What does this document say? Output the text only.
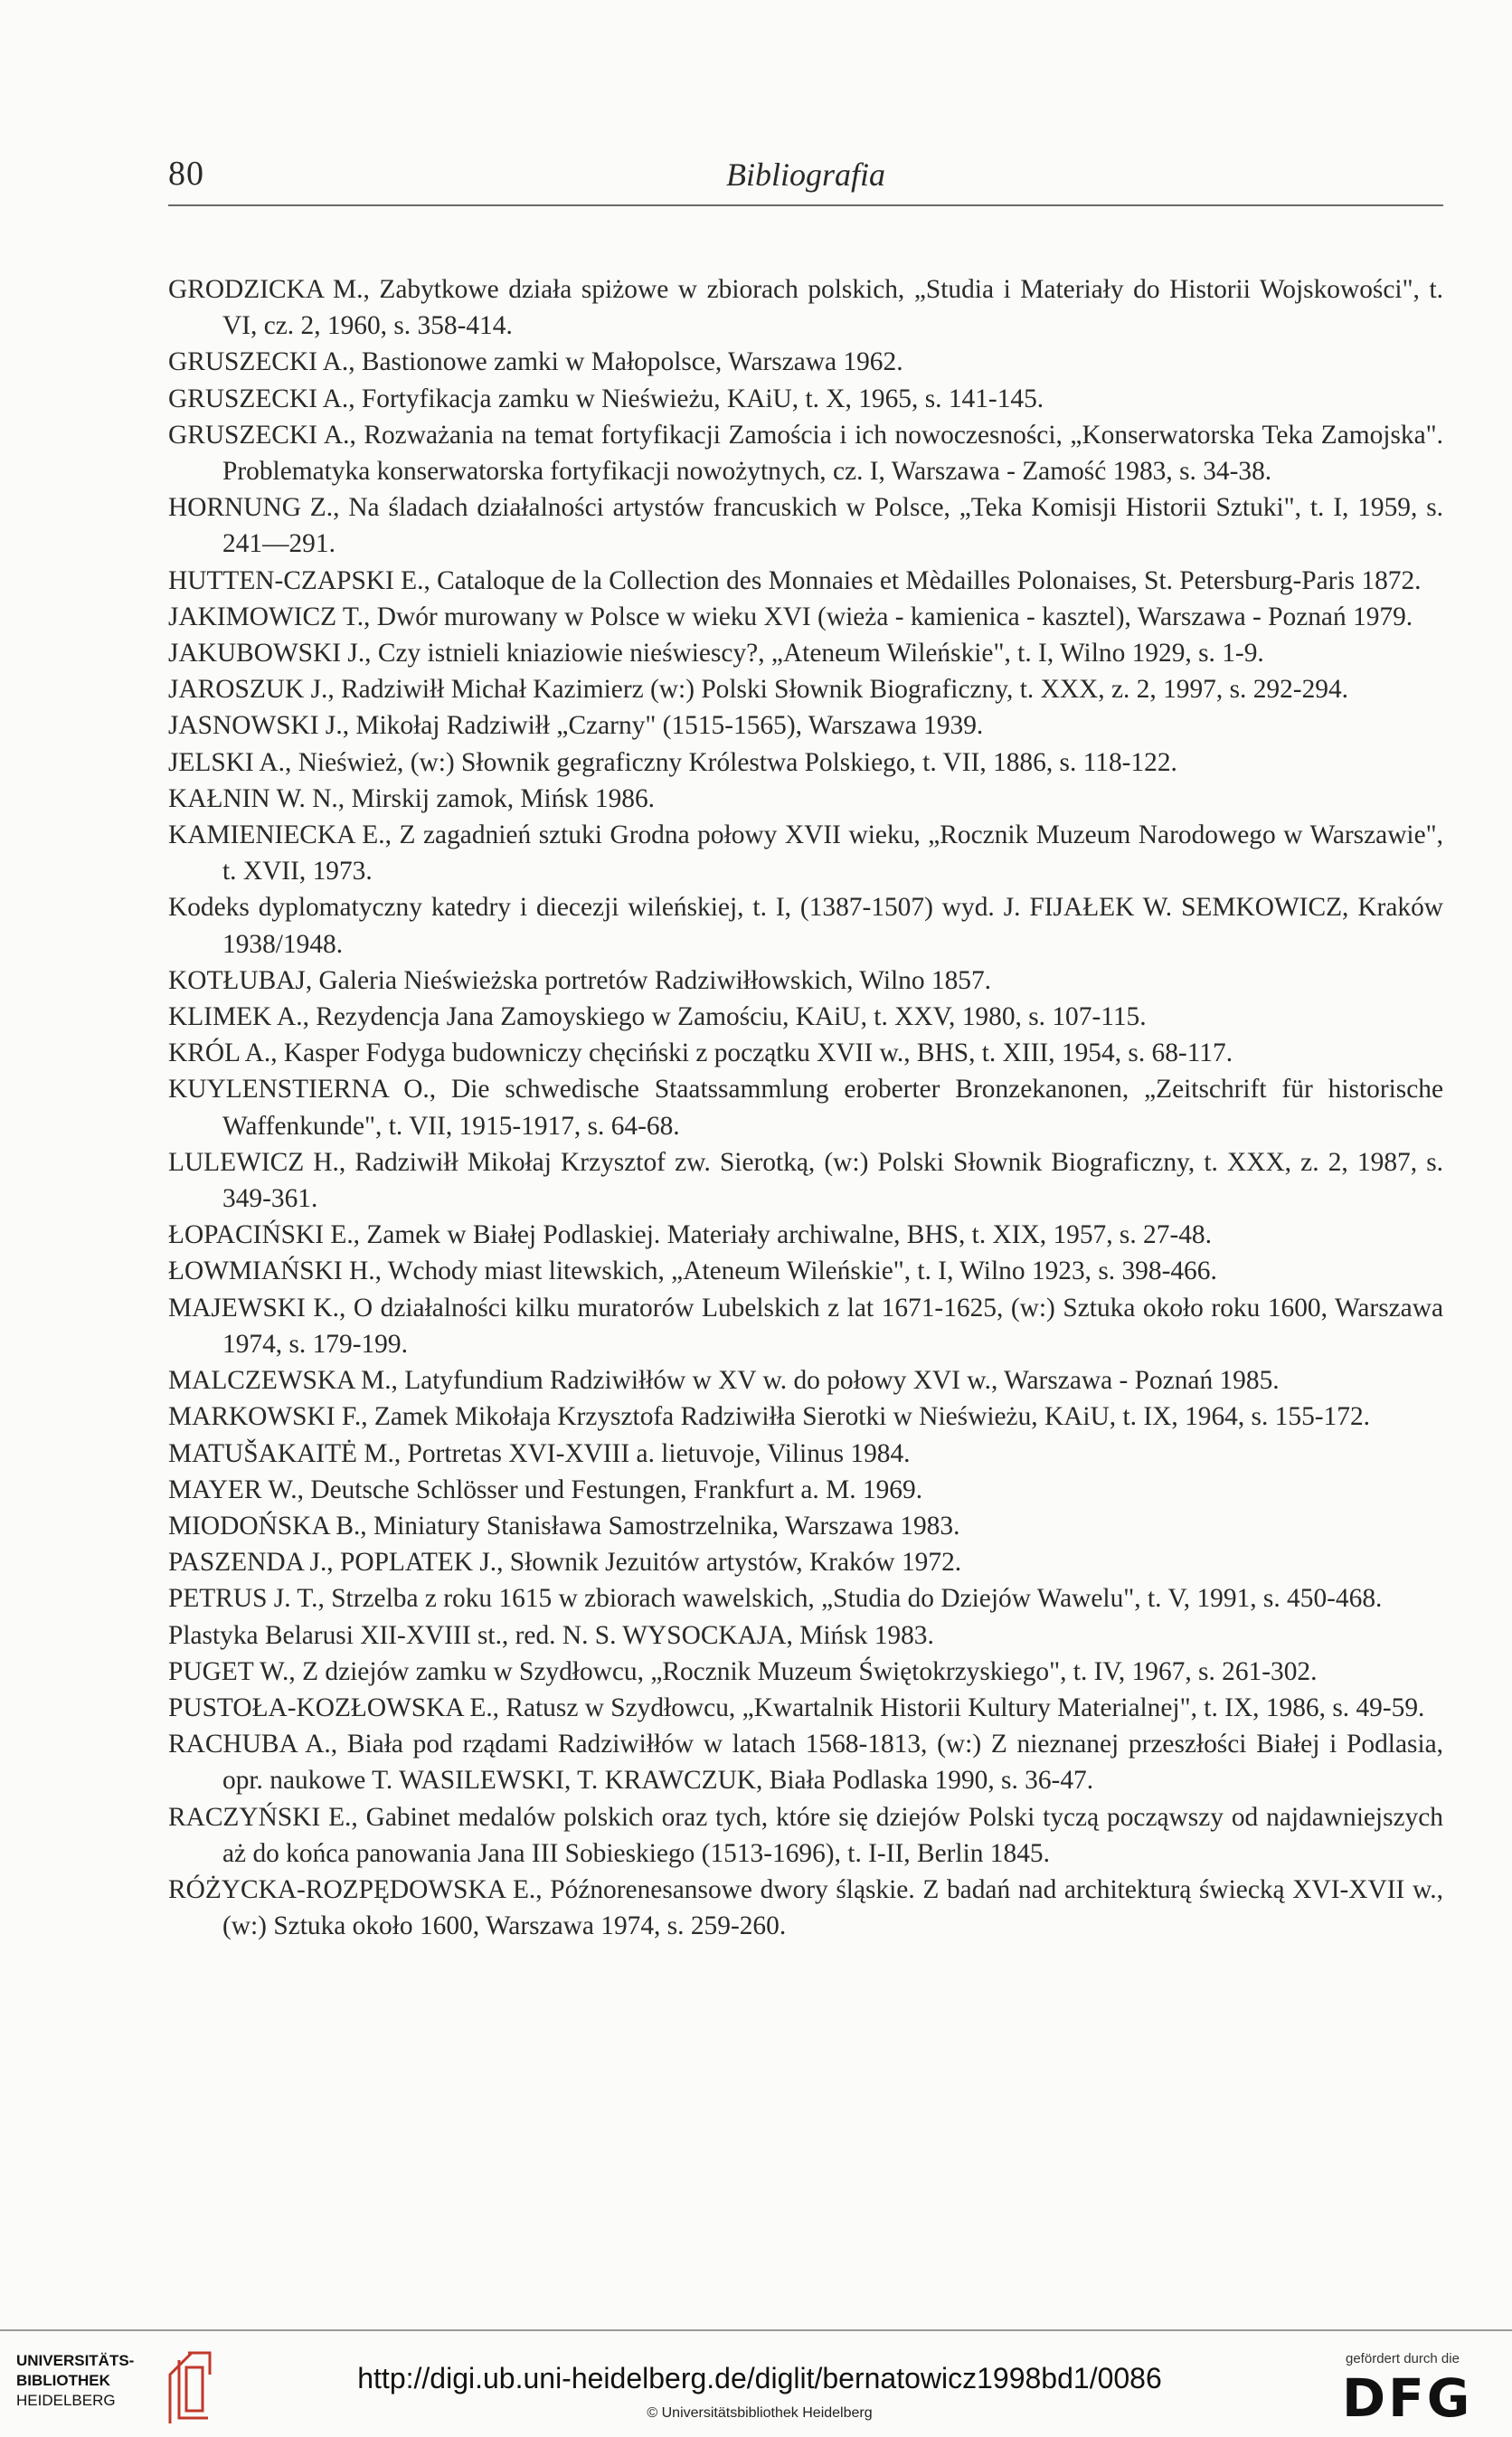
80	Bibliografia

GRODZICKA M., Zabytkowe działa spiżowe w zbiorach polskich, „Studia i Materiały do Historii Wojskowości", t. VI, cz. 2, 1960, s. 358-414.

GRUSZECKI A., Bastionowe zamki w Małopolsce, Warszawa 1962.

GRUSZECKI A., Fortyfikacja zamku w Nieświeżu, KAiU, t. X, 1965, s. 141-145.

GRUSZECKI A., Rozważania na temat fortyfikacji Zamościa i ich nowoczesności, „Konserwatorska Teka Zamojska". Problematyka konserwatorska fortyfikacji nowożytnych, cz. I, Warszawa - Zamość 1983, s. 34-38.

HORNUNG Z., Na śladach działalności artystów francuskich w Polsce, „Teka Komisji Historii Sztuki", t. I, 1959, s. 241—291.

HUTTEN-CZAPSKI E., Cataloque de la Collection des Monnaies et Mèdailles Polonaises, St. Petersburg-Paris 1872.

JAKIMOWICZ T., Dwór murowany w Polsce w wieku XVI (wieża - kamienica - kasztel), Warszawa - Poznań 1979.

JAKUBOWSKI J., Czy istnieli kniaziowie nieświescy?, „Ateneum Wileńskie", t. I, Wilno 1929, s. 1-9.

JAROSZUK J., Radziwiłł Michał Kazimierz (w:) Polski Słownik Biograficzny, t. XXX, z. 2, 1997, s. 292-294.

JASNOWSKI J., Mikołaj Radziwiłł „Czarny" (1515-1565), Warszawa 1939.

JELSKI A., Nieśwież, (w:) Słownik gegraficzny Królestwa Polskiego, t. VII, 1886, s. 118-122.

KAŁNIN W. N., Mirskij zamok, Mińsk 1986.

KAMIENIECKA E., Z zagadnień sztuki Grodna połowy XVII wieku, „Rocznik Muzeum Narodowego w Warszawie", t. XVII, 1973.

Kodeks dyplomatyczny katedry i diecezji wileńskiej, t. I, (1387-1507) wyd. J. FIJAŁEK W. SEMKOWICZ, Kraków 1938/1948.

KOTŁUBAJ, Galeria Nieświeżska portretów Radziwiłłowskich, Wilno 1857.

KLIMEK A., Rezydencja Jana Zamoyskiego w Zamościu, KAiU, t. XXV, 1980, s. 107-115.

KRÓL A., Kasper Fodyga budowniczy chęciński z początku XVII w., BHS, t. XIII, 1954, s. 68-117.

KUYLENSTIERNA O., Die schwedische Staatssammlung eroberter Bronzekanonen, „Zeitschrift für historische Waffenkunde", t. VII, 1915-1917, s. 64-68.

LULEWICZ H., Radziwiłł Mikołaj Krzysztof zw. Sierotką, (w:) Polski Słownik Biograficzny, t. XXX, z. 2, 1987, s. 349-361.

ŁOPACIŃSKI E., Zamek w Białej Podlaskiej. Materiały archiwalne, BHS, t. XIX, 1957, s. 27-48.

ŁOWMIAŃSKI H., Wchody miast litewskich, „Ateneum Wileńskie", t. I, Wilno 1923, s. 398-466.

MAJEWSKI K., O działalności kilku muratorów Lubelskich z lat 1671-1625, (w:) Sztuka około roku 1600, Warszawa 1974, s. 179-199.

MALCZEWSKA M., Latyfundium Radziwiłłów w XV w. do połowy XVI w., Warszawa - Poznań 1985.

MARKOWSKI F., Zamek Mikołaja Krzysztofa Radziwiłła Sierotki w Nieświeżu, KAiU, t. IX, 1964, s. 155-172.

MATUŠAKAITĖ M., Portretas XVI-XVIII a. lietuvoje, Vilinus 1984.

MAYER W., Deutsche Schlösser und Festungen, Frankfurt a. M. 1969.

MIODOŃSKA B., Miniatury Stanisława Samostrzelnika, Warszawa 1983.

PASZENDA J., POPLATEK J., Słownik Jezuitów artystów, Kraków 1972.

PETRUS J. T., Strzelba z roku 1615 w zbiorach wawelskich, „Studia do Dziejów Wawelu", t. V, 1991, s. 450-468.

Plastyka Belarusi XII-XVIII st., red. N. S. WYSOCKAJA, Mińsk 1983.

PUGET W., Z dziejów zamku w Szydłowcu, „Rocznik Muzeum Świętokrzyskiego", t. IV, 1967, s. 261-302.

PUSTOŁA-KOZŁOWSKA E., Ratusz w Szydłowcu, „Kwartalnik Historii Kultury Materialnej", t. IX, 1986, s. 49-59.

RACHUBA A., Biała pod rządami Radziwiłłów w latach 1568-1813, (w:) Z nieznanej przeszłości Białej i Podlasia, opr. naukowe T. WASILEWSKI, T. KRAWCZUK, Biała Podlaska 1990, s. 36-47.

RACZYŃSKI E., Gabinet medalów polskich oraz tych, które się dziejów Polski tyczą począwszy od najdawniejszych aż do końca panowania Jana III Sobieskiego (1513-1696), t. I-II, Berlin 1845.

RÓŻYCKA-ROZPĘDOWSKA E., Późnorenesansowe dwory śląskie. Z badań nad architekturą świecką XVI-XVII w., (w:) Sztuka około 1600, Warszawa 1974, s. 259-260.

UNIVERSITÄTS-
BIBLIOTHEK
HEIDELBERG
http://digi.ub.uni-heidelberg.de/diglit/bernatowicz1998bd1/0086
© Universitätsbibliothek Heidelberg
gefördert durch die
DFG
